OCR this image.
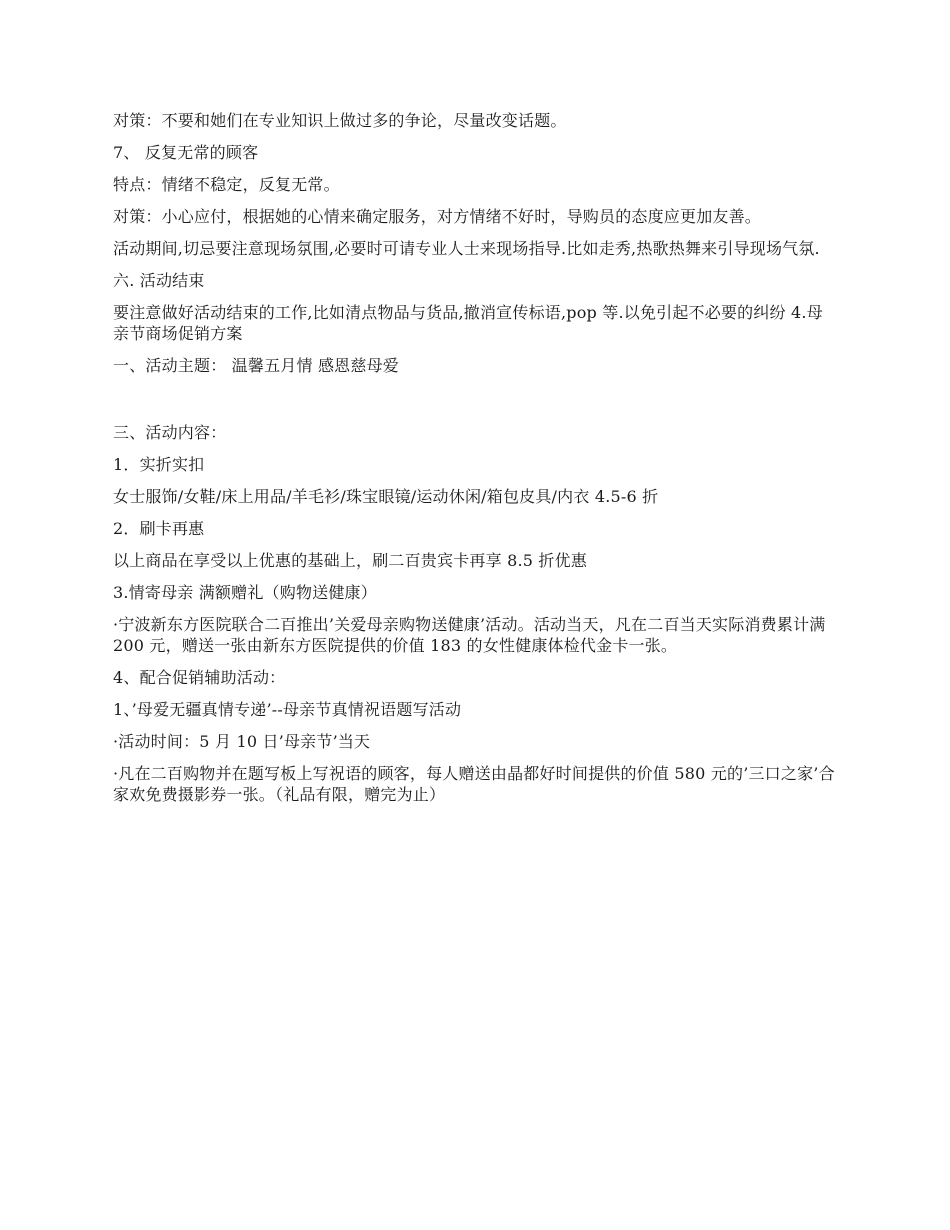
对策：不要和她们在专业知识上做过多的争论，尽量改变话题。

7、 反复无常的顾客

特点：情绪不稳定，反复无常。

对策：小心应付，根据她的心情来确定服务，对方情绪不好时，导购员的态度应更加友善。

活动期间,切忌要注意现场氛围,必要时可请专业人士来现场指导.比如走秀,热歌热舞来引导现场气氛.

六. 活动结束

要注意做好活动结束的工作,比如清点物品与货品,撤消宣传标语,pop 等.以免引起不必要的纠纷 4.母亲节商场促销方案

一、活动主题： 温馨五月情 感恩慈母爱

三、活动内容：

1．实折实扣

女士服饰/女鞋/床上用品/羊毛衫/珠宝眼镜/运动休闲/箱包皮具/内衣 4.5-6 折

2．刷卡再惠

以上商品在享受以上优惠的基础上，刷二百贵宾卡再享 8.5 折优惠

3.情寄母亲 满额赠礼（购物送健康）

·宁波新东方医院联合二百推出’关爱母亲购物送健康’活动。活动当天，凡在二百当天实际消费累计满 200 元，赠送一张由新东方医院提供的价值 183 的女性健康体检代金卡一张。

4、配合促销辅助活动：

1、’母爱无疆真情专递’--母亲节真情祝语题写活动

·活动时间：5 月 10 日’母亲节’当天

·凡在二百购物并在题写板上写祝语的顾客，每人赠送由晶都好时间提供的价值 580 元的’三口之家’合家欢免费摄影券一张。（礼品有限，赠完为止）
